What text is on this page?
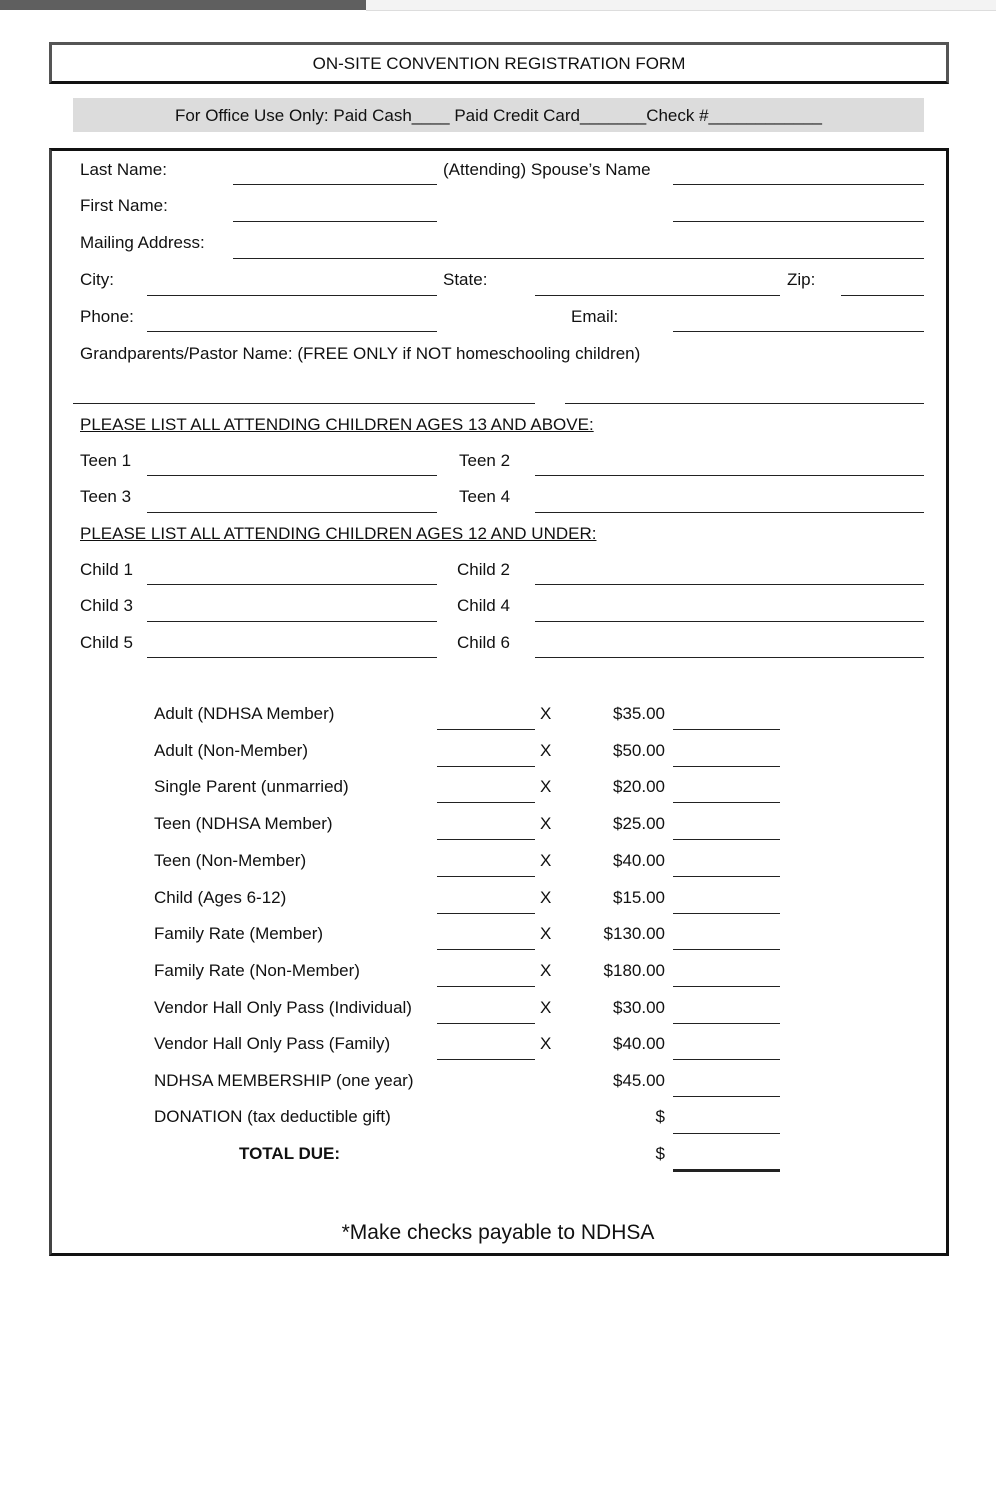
ON-SITE CONVENTION REGISTRATION FORM
For Office Use Only: Paid Cash____ Paid Credit Card_______Check #____________
Last Name:	(Attending) Spouse’s Name
First Name:
Mailing Address:
City:	State:	Zip:
Phone:	Email:
Grandparents/Pastor Name: (FREE ONLY if NOT homeschooling children)
PLEASE LIST ALL ATTENDING CHILDREN AGES 13 AND ABOVE:
Teen 1	Teen 2
Teen 3	Teen 4
PLEASE LIST ALL ATTENDING CHILDREN AGES 12 AND UNDER:
Child 1	Child 2
Child 3	Child 4
Child 5	Child 6
Adult (NDHSA Member)	X	$35.00
Adult (Non-Member)	X	$50.00
Single Parent (unmarried)	X	$20.00
Teen (NDHSA Member)	X	$25.00
Teen (Non-Member)	X	$40.00
Child (Ages 6-12)	X	$15.00
Family Rate (Member)	X	$130.00
Family Rate (Non-Member)	X	$180.00
Vendor Hall Only Pass (Individual)	X	$30.00
Vendor Hall Only Pass (Family)	X	$40.00
NDHSA MEMBERSHIP (one year)	$45.00
DONATION (tax deductible gift)	$
TOTAL DUE:	$
*Make checks payable to NDHSA
